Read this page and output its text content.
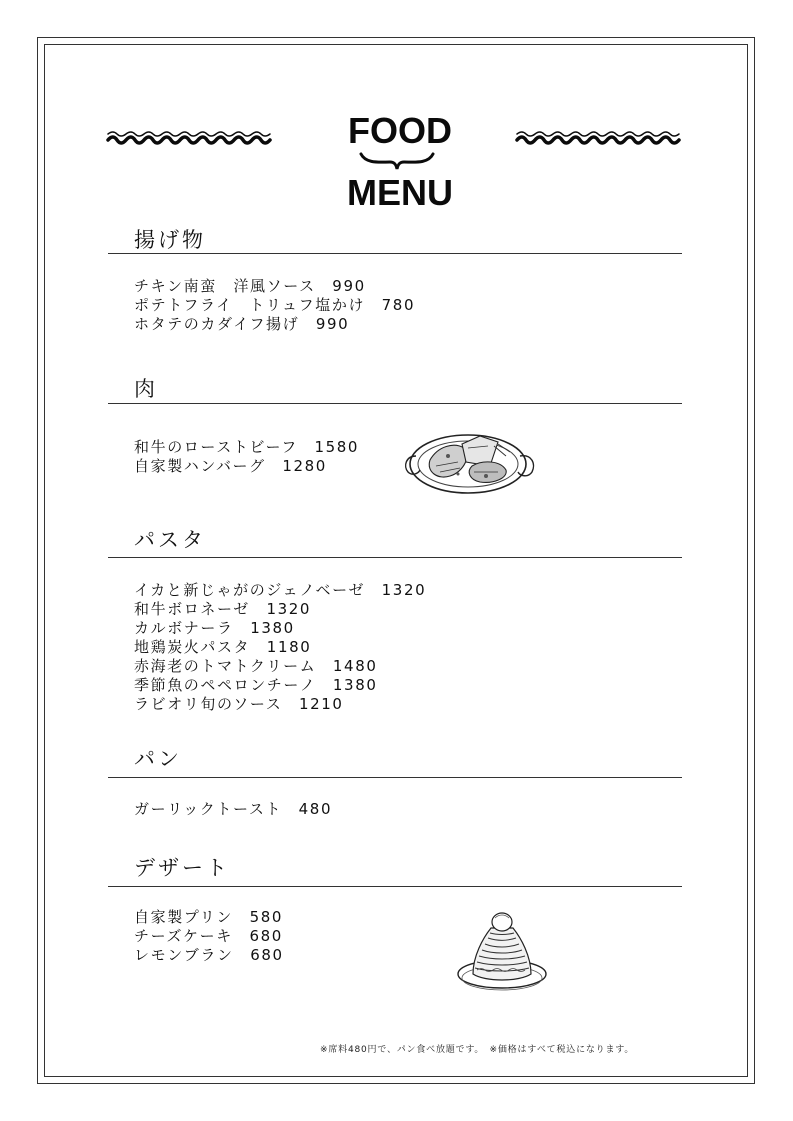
FOOD
MENU
揚げ物
チキン南蛮　洋風ソース　990
ポテトフライ　トリュフ塩かけ　780
ホタテのカダイフ揚げ　990
肉
和牛のローストビーフ　1580
自家製ハンバーグ　1280
パスタ
イカと新じゃがのジェノベーゼ　1320
和牛ボロネーゼ　1320
カルボナーラ　1380
地鶏炭火パスタ　1180
赤海老のトマトクリーム　1480
季節魚のペペロンチーノ　1380
ラビオリ旬のソース　1210
パン
ガーリックトースト　480
デザート
自家製プリン　580
チーズケーキ　680
レモンブラン　680
※席料480円で、パン食べ放題です。　※価格はすべて税込になります。
